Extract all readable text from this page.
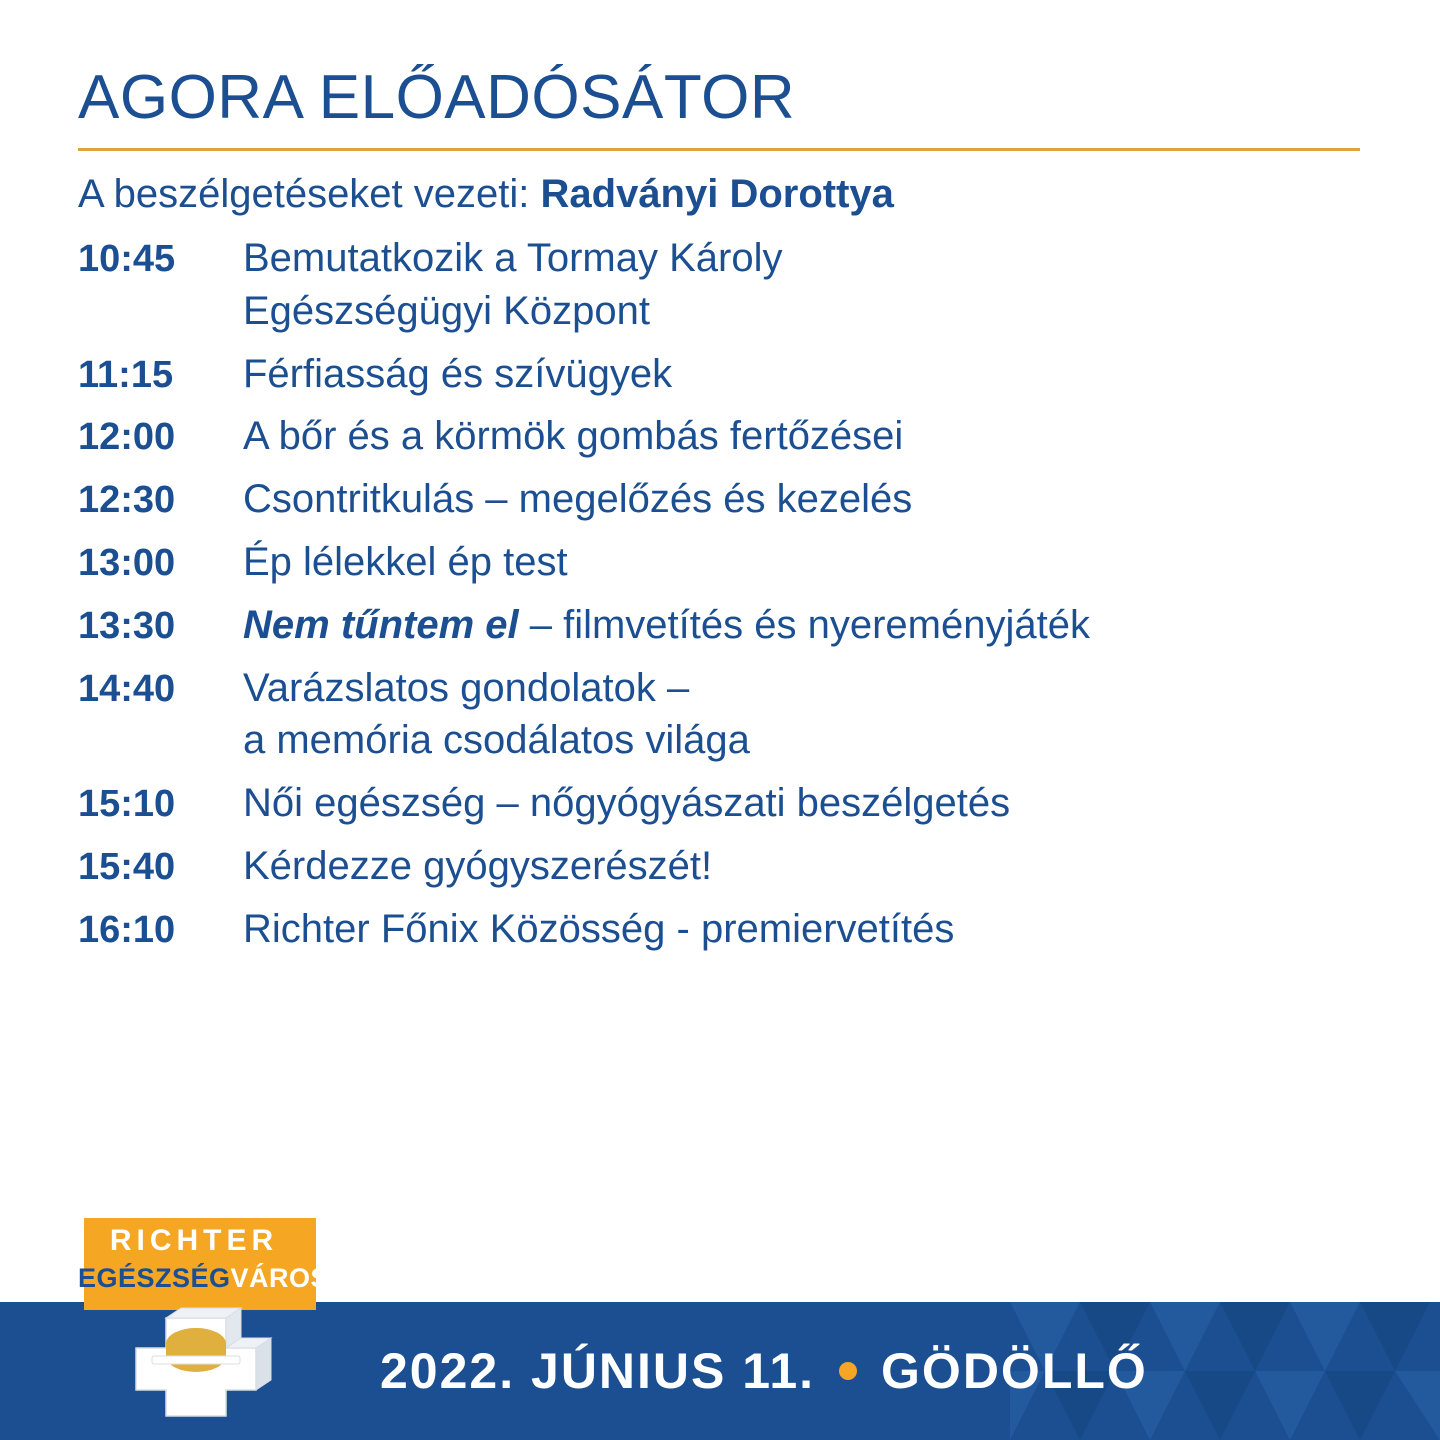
AGORA ELŐADÓSÁTOR
A beszélgetéseket vezeti: Radványi Dorottya
10:45	Bemutatkozik a Tormay Károly
Egészségügyi Központ
11:15	Férfiasság és szívügyek
12:00	A bőr és a körmök gombás fertőzései
12:30	Csontritkulás – megelőzés és kezelés
13:00	Ép lélekkel ép test
13:30	Nem tűntem el – filmvetítés és nyereményjáték
14:40	Varázslatos gondolatok –
a memória csodálatos világa
15:10	Női egészség – nőgyógyászati beszélgetés
15:40	Kérdezze gyógyszerészét!
16:10	Richter Főnix Közösség - premiervetítés
2022. JÚNIUS 11. GÖDÖLLŐ
RICHTER
EGÉSZSÉGVÁROS
